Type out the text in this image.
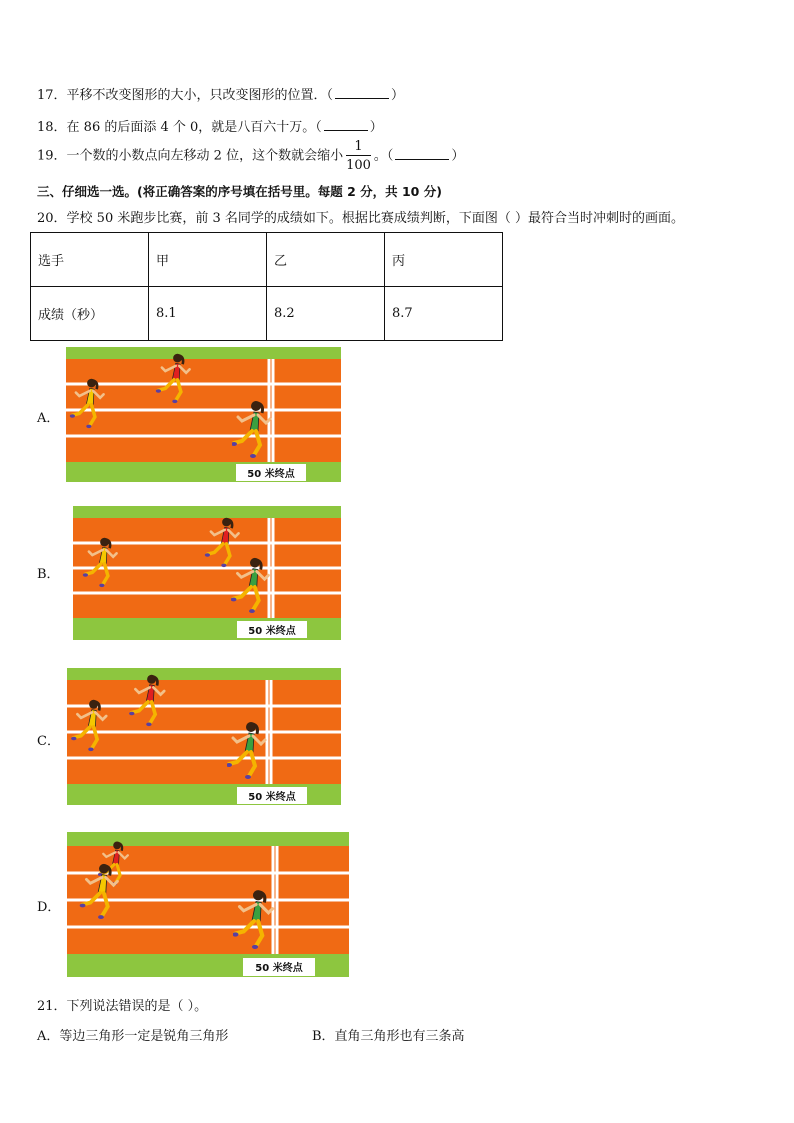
17．平移不改变图形的大小，只改变图形的位置．（	）
18．在 86 的后面添 4 个 0，就是八百六十万。（	）
19．一个数的小数点向左移动 2 位，这个数就会缩小 $\frac{1}{100}$ 。（	）
三、仔细选一选。(将正确答案的序号填在括号里。每题 2 分，共 10 分)
20．学校 50 米跑步比赛，前 3 名同学的成绩如下。根据比赛成绩判断，下面图（ ）最符合当时冲刺时的画面。
选手	甲	乙	丙
成绩（秒）	8.1	8.2	8.7
A．
50 米终点
B．
50 米终点
C．
50 米终点
D．
50 米终点
21．下列说法错误的是（ ）。
A．等边三角形一定是锐角三角形	B．直角三角形也有三条高
